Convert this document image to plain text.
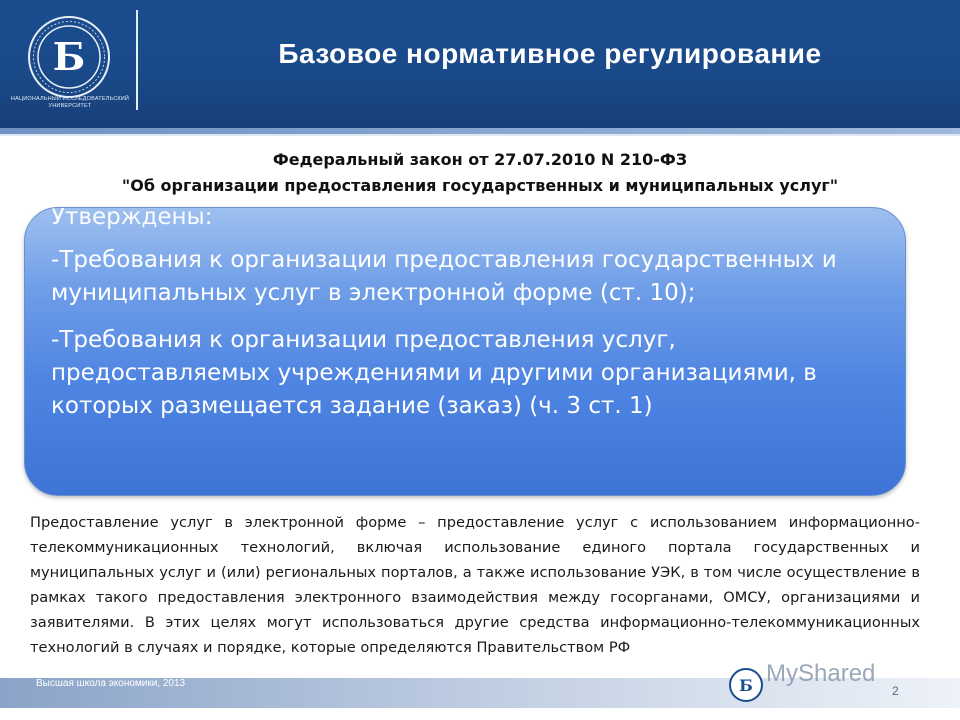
Б
НАЦИОНАЛЬНЫЙ ИССЛЕДОВАТЕЛЬСКИЙ УНИВЕРСИТЕТ
Базовое нормативное регулирование
Федеральный закон от 27.07.2010 N 210-ФЗ
"Об организации предоставления государственных и муниципальных услуг"
Утверждены:
-Требования к организации предоставления государственных и муниципальных услуг в электронной форме (ст. 10);
-Требования к организации предоставления услуг, предоставляемых учреждениями и другими организациями, в которых размещается задание (заказ) (ч. 3 ст. 1)
Предоставление услуг в электронной форме – предоставление услуг с использованием информационно-телекоммуникационных технологий, включая использование единого портала государственных и муниципальных услуг и (или) региональных порталов, а также использование УЭК, в том числе осуществление в рамках такого предоставления электронного взаимодействия между госорганами, ОМСУ, организациями и заявителями. В этих целях могут использоваться другие средства информационно-телекоммуникационных технологий в случаях и порядке, которые определяются Правительством РФ
Высшая школа экономики, 2013	Б MyShared
2
